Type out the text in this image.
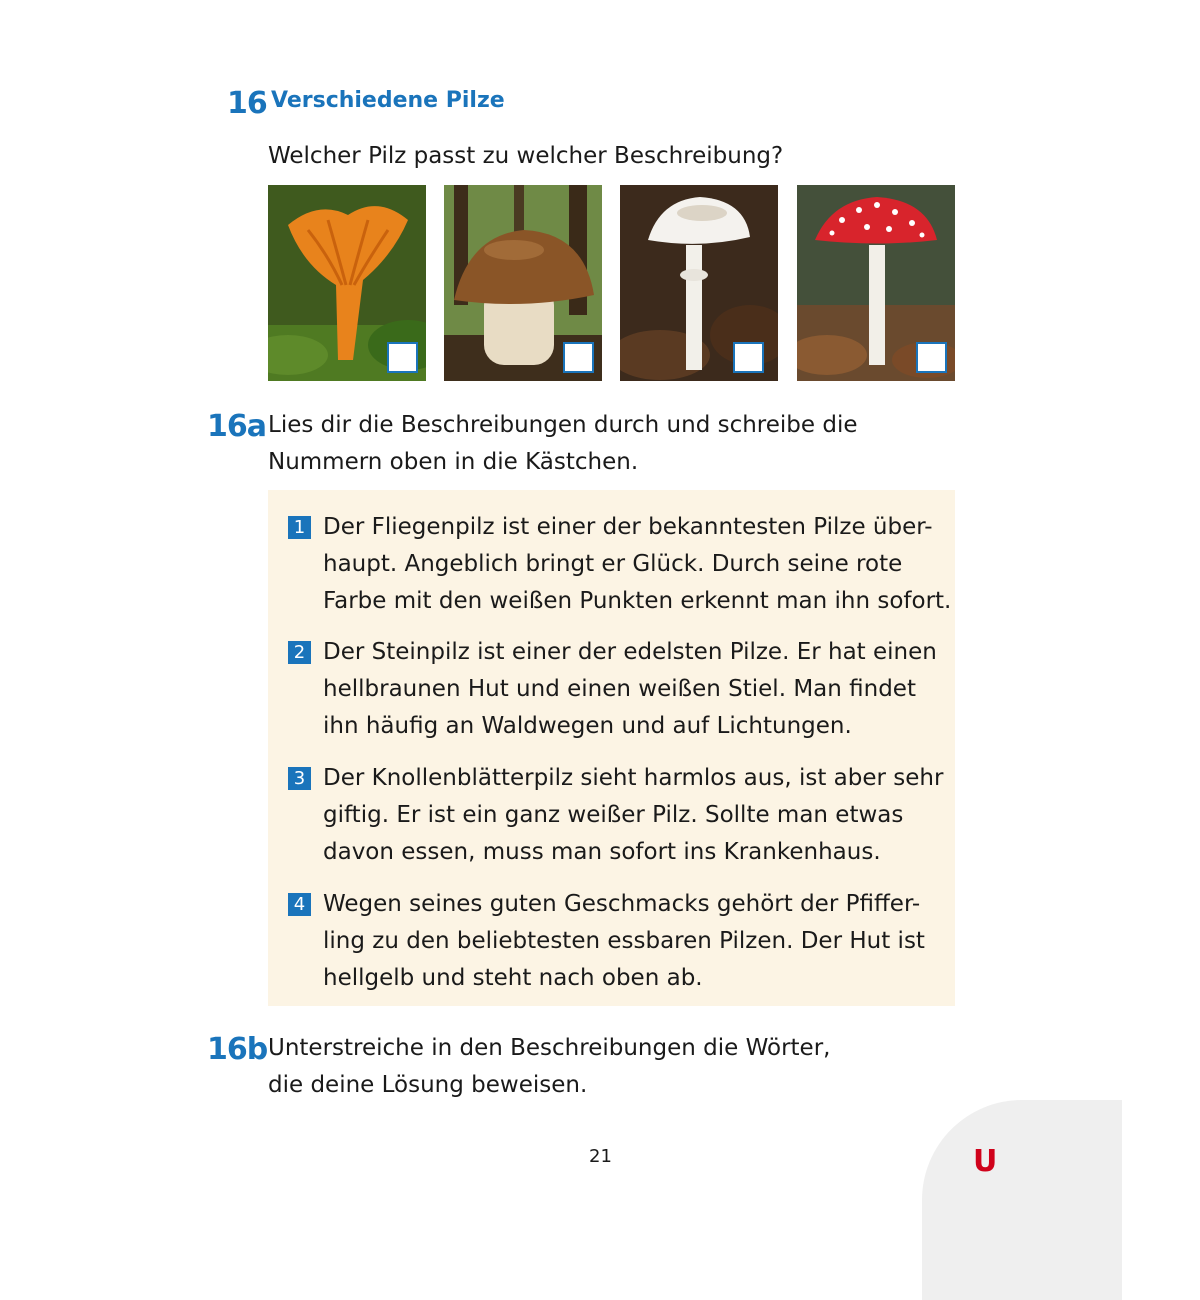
16 Verschiedene Pilze
Welcher Pilz passt zu welcher Beschreibung?
16a Lies dir die Beschreibungen durch und schreibe die
Nummern oben in die Kästchen.
1 Der Fliegenpilz ist einer der bekanntesten Pilze über-
haupt. Angeblich bringt er Glück. Durch seine rote
Farbe mit den weißen Punkten erkennt man ihn sofort.
2 Der Steinpilz ist einer der edelsten Pilze. Er hat einen
hellbraunen Hut und einen weißen Stiel. Man findet
ihn häufig an Waldwegen und auf Lichtungen.
3 Der Knollenblätterpilz sieht harmlos aus, ist aber sehr
giftig. Er ist ein ganz weißer Pilz. Sollte man etwas
davon essen, muss man sofort ins Krankenhaus.
4 Wegen seines guten Geschmacks gehört der Pfiffer-
ling zu den beliebtesten essbaren Pilzen. Der Hut ist
hellgelb und steht nach oben ab.
16b Unterstreiche in den Beschreibungen die Wörter,
die deine Lösung beweisen.
21	U
